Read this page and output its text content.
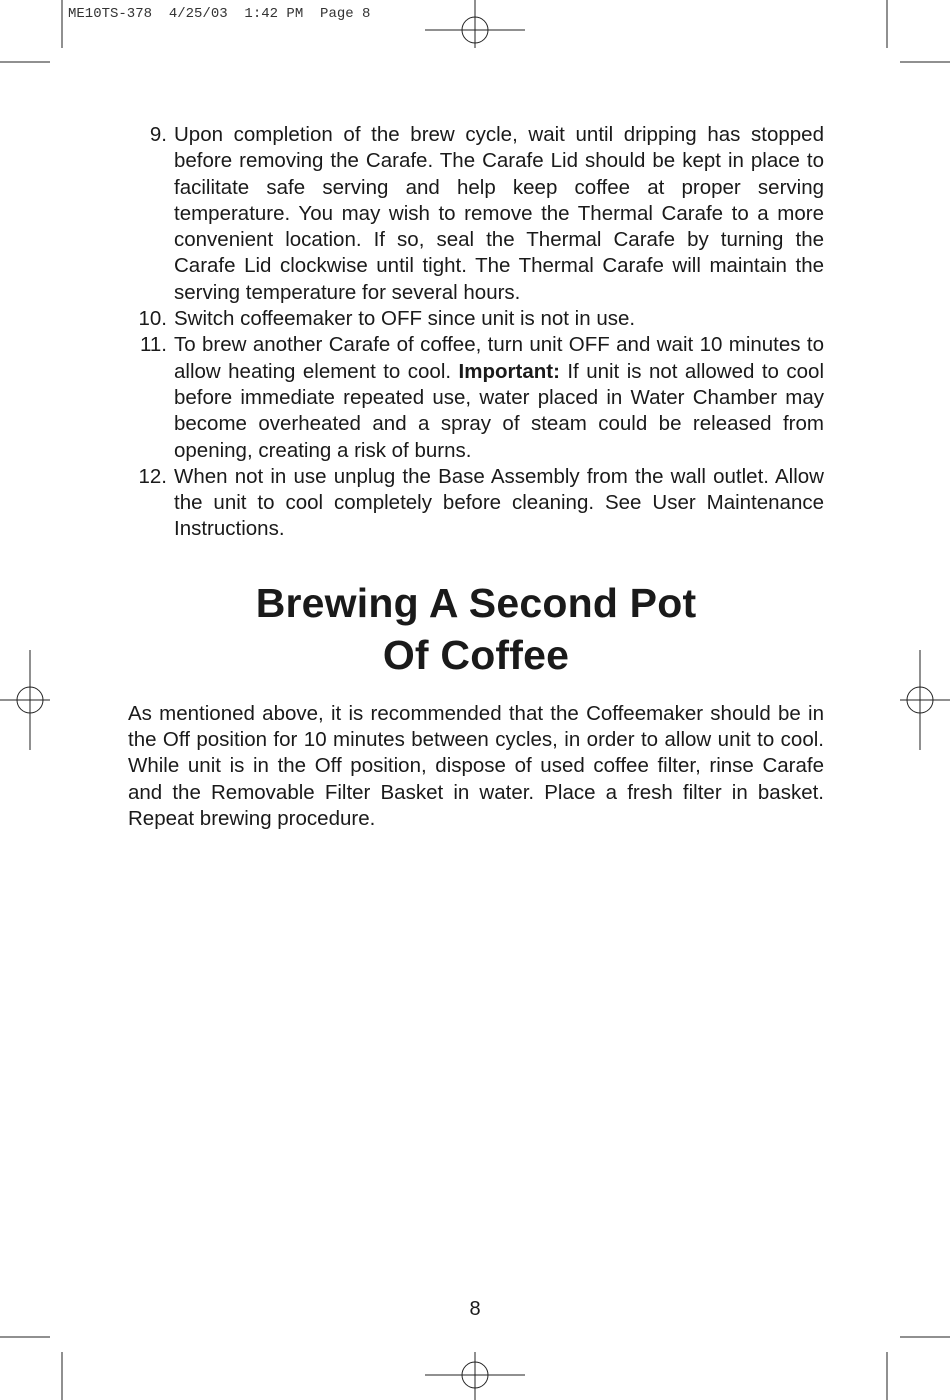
ME10TS-378  4/25/03  1:42 PM  Page 8
9. Upon completion of the brew cycle, wait until dripping has stopped before removing the Carafe. The Carafe Lid should be kept in place to facilitate safe serving and help keep coffee at proper serving temperature. You may wish to remove the Thermal Carafe to a more convenient location. If so, seal the Thermal Carafe by turning the Carafe Lid clockwise until tight. The Thermal Carafe will maintain the serving temperature for several hours.
10. Switch coffeemaker to OFF since unit is not in use.
11. To brew another Carafe of coffee, turn unit OFF and wait 10 minutes to allow heating element to cool. Important: If unit is not allowed to cool before immediate repeated use, water placed in Water Chamber may become overheated and a spray of steam could be released from opening, creating a risk of burns.
12. When not in use unplug the Base Assembly from the wall outlet. Allow the unit to cool completely before cleaning. See User Maintenance Instructions.
Brewing A Second Pot
Of Coffee

As mentioned above, it is recommended that the Coffeemaker should be in the Off position for 10 minutes between cycles, in order to allow unit to cool. While unit is in the Off position, dispose of used coffee filter, rinse Carafe and the Removable Filter Basket in water. Place a fresh filter in basket. Repeat brewing procedure.

8
